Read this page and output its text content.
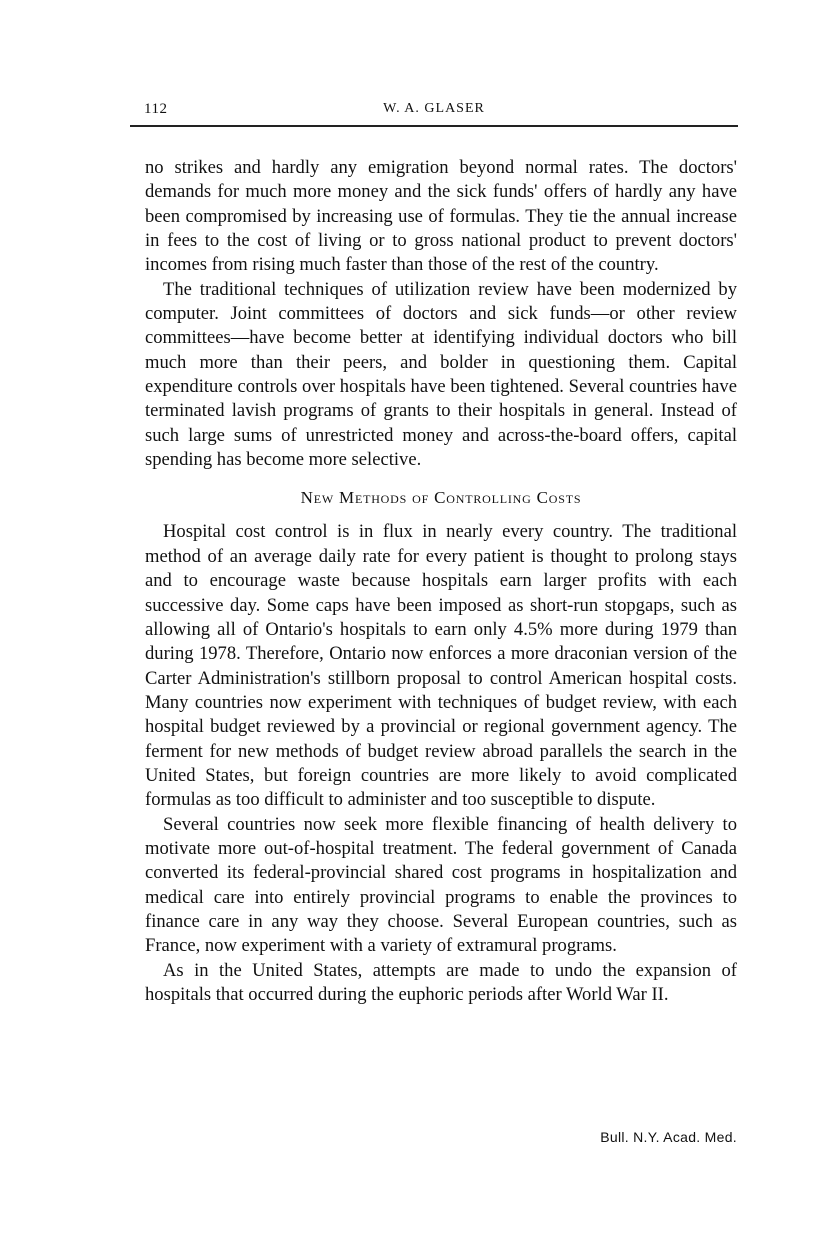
112	W. A. GLASER

no strikes and hardly any emigration beyond normal rates. The doctors' demands for much more money and the sick funds' offers of hardly any have been compromised by increasing use of formulas. They tie the annual increase in fees to the cost of living or to gross national product to prevent doctors' incomes from rising much faster than those of the rest of the country.

The traditional techniques of utilization review have been modernized by computer. Joint committees of doctors and sick funds—or other review committees—have become better at identifying individual doctors who bill much more than their peers, and bolder in questioning them. Capital expenditure controls over hospitals have been tightened. Several countries have terminated lavish programs of grants to their hospitals in general. Instead of such large sums of unrestricted money and across-the-board offers, capital spending has become more selective.

New Methods of Controlling Costs

Hospital cost control is in flux in nearly every country. The traditional method of an average daily rate for every patient is thought to prolong stays and to encourage waste because hospitals earn larger profits with each successive day. Some caps have been imposed as short-run stopgaps, such as allowing all of Ontario's hospitals to earn only 4.5% more during 1979 than during 1978. Therefore, Ontario now enforces a more draconian version of the Carter Administration's stillborn proposal to control American hospital costs. Many countries now experiment with techniques of budget review, with each hospital budget reviewed by a provincial or regional government agency. The ferment for new methods of budget review abroad parallels the search in the United States, but foreign countries are more likely to avoid complicated formulas as too difficult to administer and too susceptible to dispute.

Several countries now seek more flexible financing of health delivery to motivate more out-of-hospital treatment. The federal government of Canada converted its federal-provincial shared cost programs in hospitalization and medical care into entirely provincial programs to enable the provinces to finance care in any way they choose. Several European countries, such as France, now experiment with a variety of extramural programs.

As in the United States, attempts are made to undo the expansion of hospitals that occurred during the euphoric periods after World War II.

Bull. N.Y. Acad. Med.
